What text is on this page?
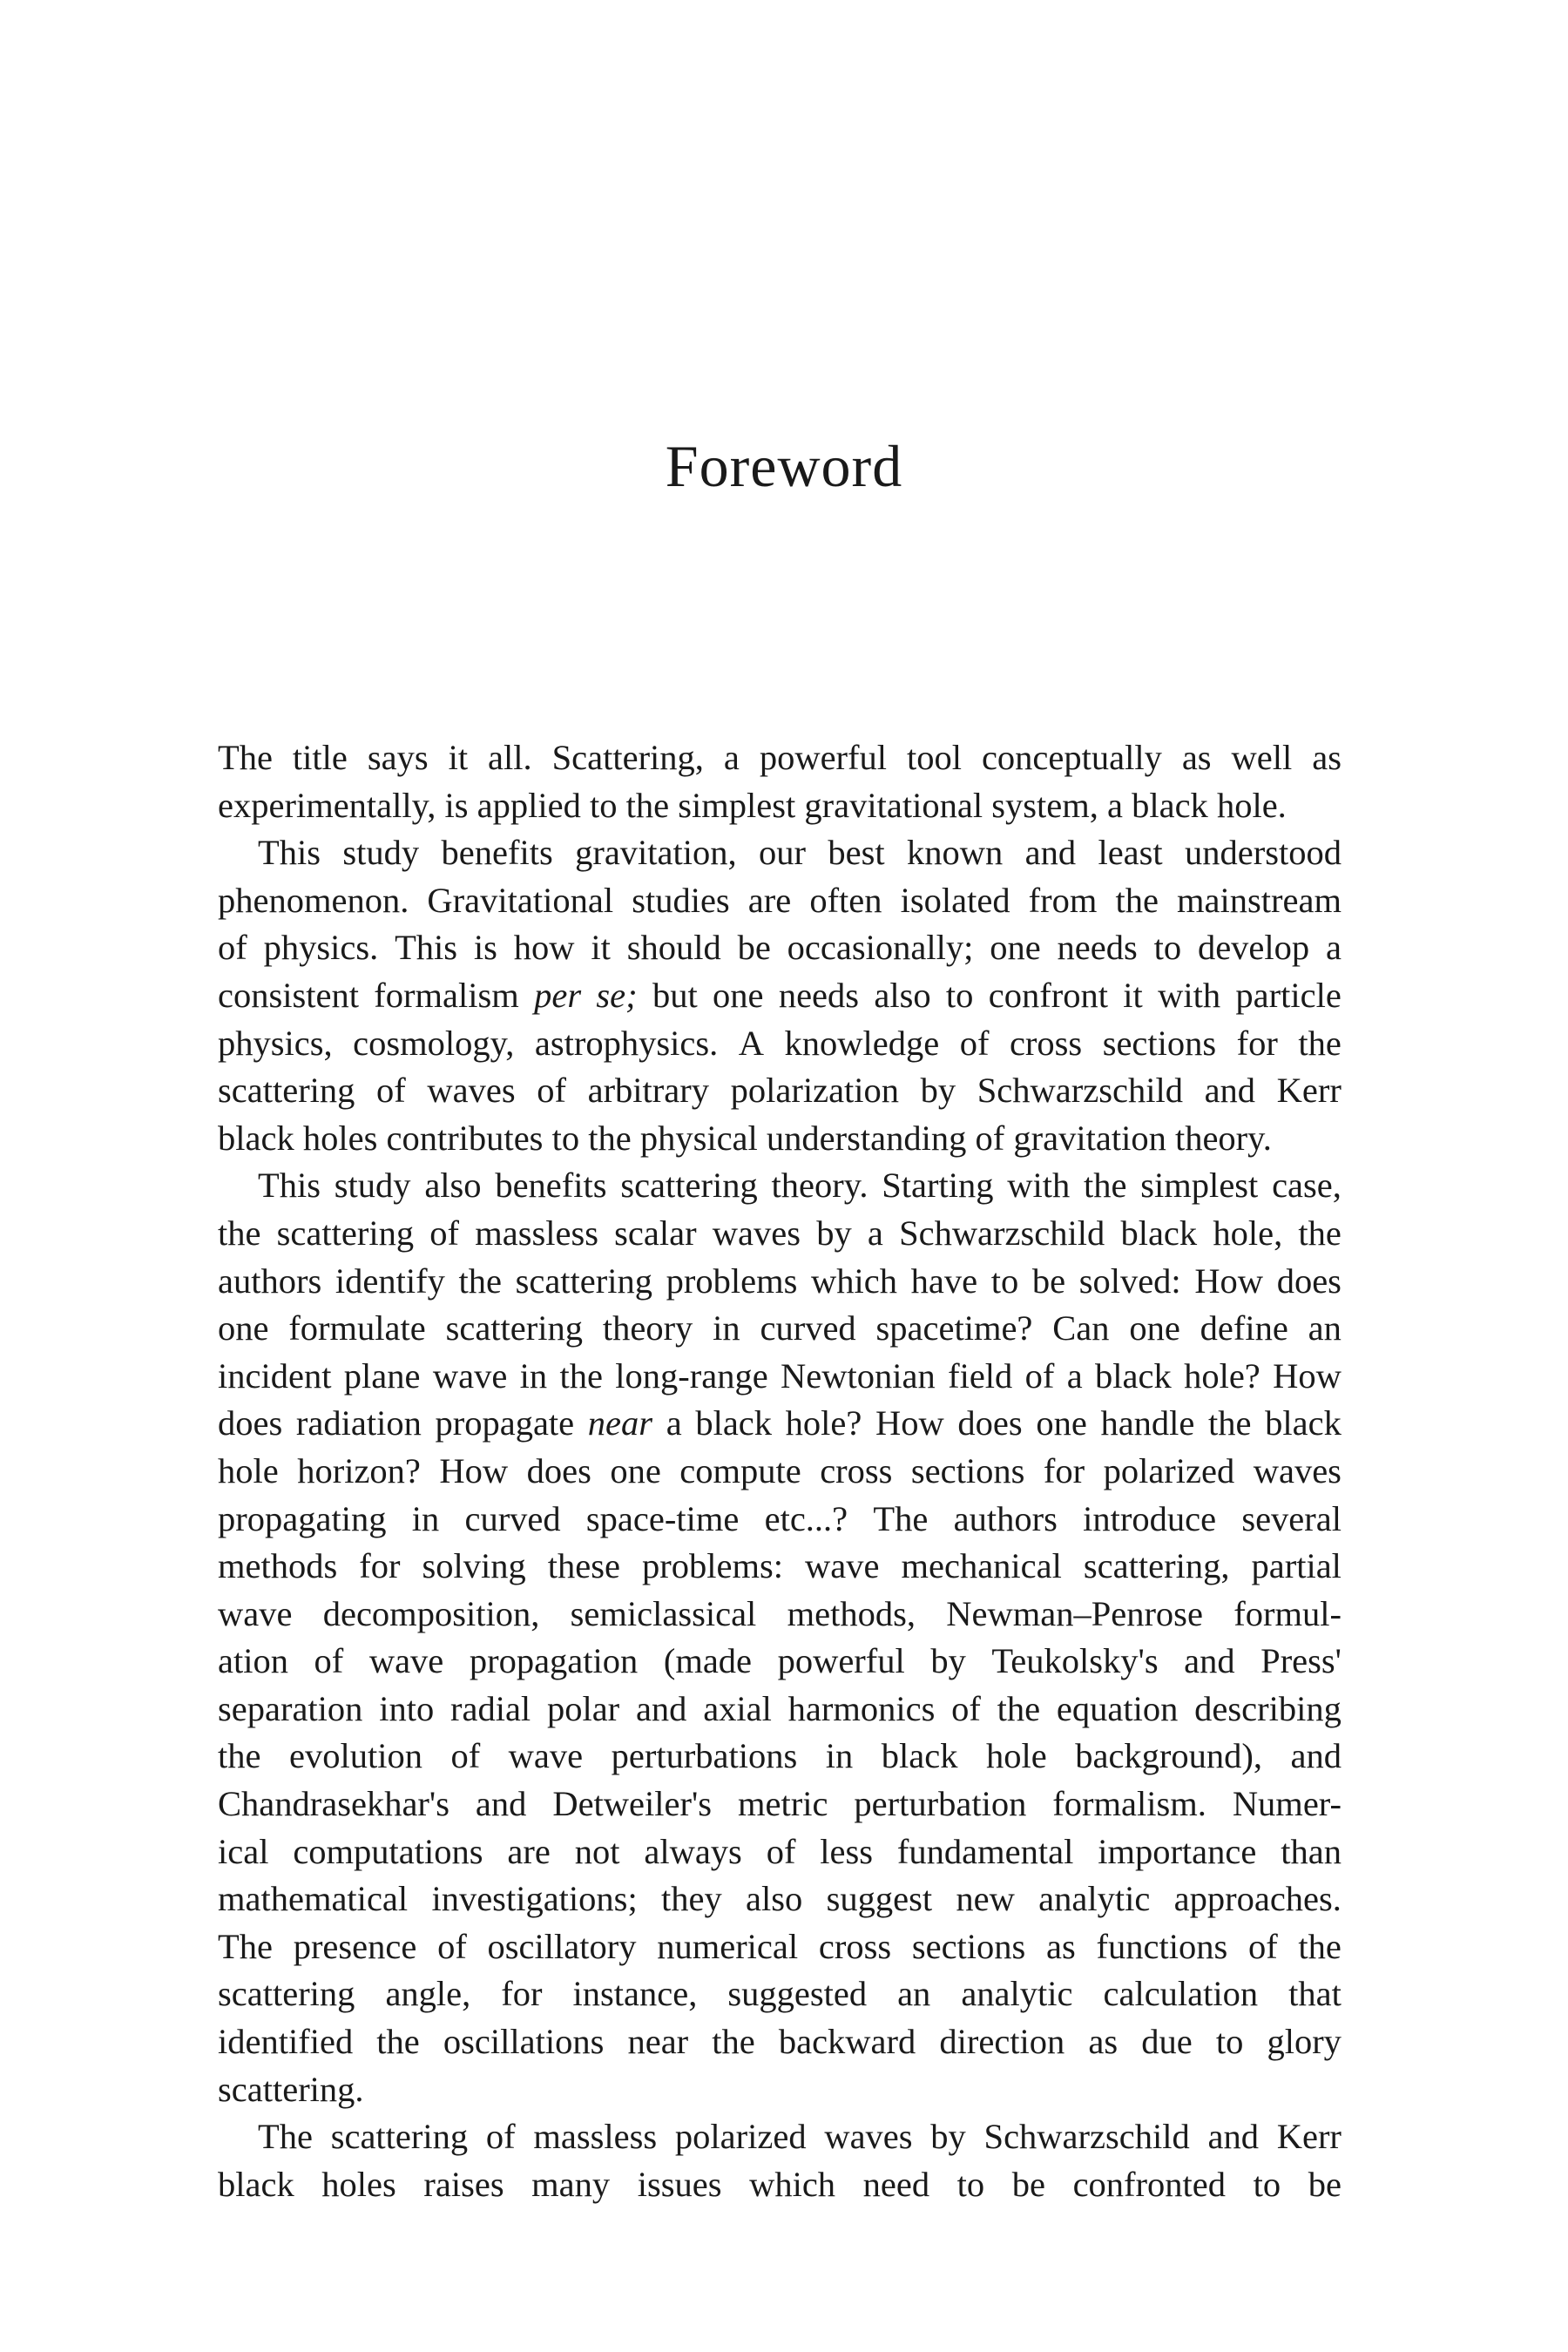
Foreword
The title says it all. Scattering, a powerful tool conceptually as well as
experimentally, is applied to the simplest gravitational system, a black hole.
This study benefits gravitation, our best known and least understood
phenomenon. Gravitational studies are often isolated from the mainstream
of physics. This is how it should be occasionally; one needs to develop a
consistent formalism per se; but one needs also to confront it with particle
physics, cosmology, astrophysics. A knowledge of cross sections for the
scattering of waves of arbitrary polarization by Schwarzschild and Kerr
black holes contributes to the physical understanding of gravitation theory.
This study also benefits scattering theory. Starting with the simplest case,
the scattering of massless scalar waves by a Schwarzschild black hole, the
authors identify the scattering problems which have to be solved: How does
one formulate scattering theory in curved spacetime? Can one define an
incident plane wave in the long-range Newtonian field of a black hole? How
does radiation propagate near a black hole? How does one handle the black
hole horizon? How does one compute cross sections for polarized waves
propagating in curved space-time etc...? The authors introduce several
methods for solving these problems: wave mechanical scattering, partial
wave decomposition, semiclassical methods, Newman–Penrose formul-
ation of wave propagation (made powerful by Teukolsky's and Press'
separation into radial polar and axial harmonics of the equation describing
the evolution of wave perturbations in black hole background), and
Chandrasekhar's and Detweiler's metric perturbation formalism. Numer-
ical computations are not always of less fundamental importance than
mathematical investigations; they also suggest new analytic approaches.
The presence of oscillatory numerical cross sections as functions of the
scattering angle, for instance, suggested an analytic calculation that
identified the oscillations near the backward direction as due to glory
scattering.
The scattering of massless polarized waves by Schwarzschild and Kerr
black holes raises many issues which need to be confronted to be
